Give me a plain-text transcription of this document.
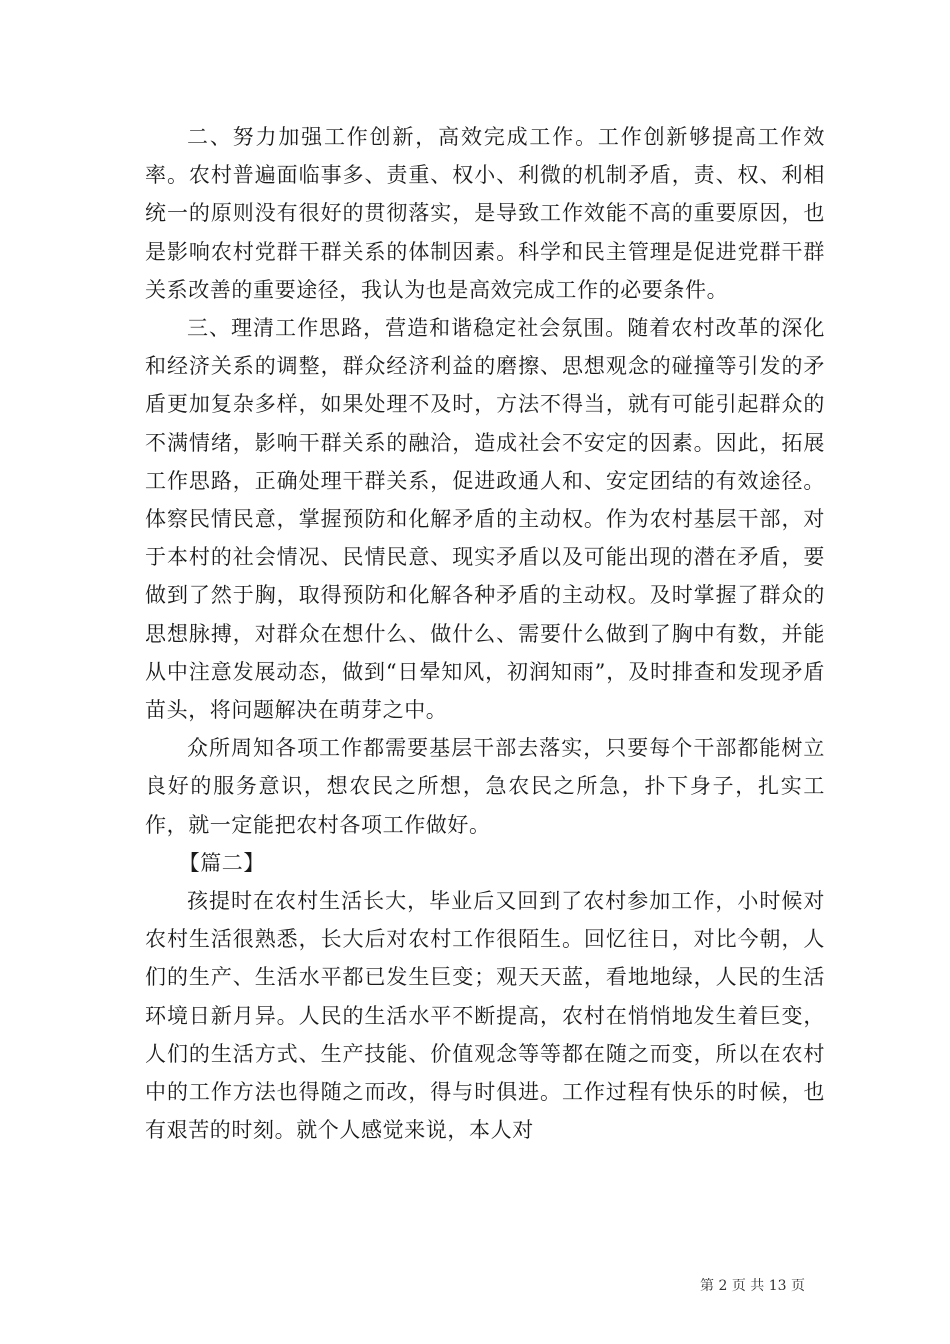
二、努力加强工作创新，高效完成工作。工作创新够提高工作效率。农村普遍面临事多、责重、权小、利微的机制矛盾，责、权、利相统一的原则没有很好的贯彻落实，是导致工作效能不高的重要原因，也是影响农村党群干群关系的体制因素。科学和民主管理是促进党群干群关系改善的重要途径，我认为也是高效完成工作的必要条件。

三、理清工作思路，营造和谐稳定社会氛围。随着农村改革的深化和经济关系的调整，群众经济利益的磨擦、思想观念的碰撞等引发的矛盾更加复杂多样，如果处理不及时，方法不得当，就有可能引起群众的不满情绪，影响干群关系的融洽，造成社会不安定的因素。因此，拓展工作思路，正确处理干群关系，促进政通人和、安定团结的有效途径。体察民情民意，掌握预防和化解矛盾的主动权。作为农村基层干部，对于本村的社会情况、民情民意、现实矛盾以及可能出现的潜在矛盾，要做到了然于胸，取得预防和化解各种矛盾的主动权。及时掌握了群众的思想脉搏，对群众在想什么、做什么、需要什么做到了胸中有数，并能从中注意发展动态，做到“日晕知风，初润知雨”，及时排查和发现矛盾苗头，将问题解决在萌芽之中。

众所周知各项工作都需要基层干部去落实，只要每个干部都能树立良好的服务意识，想农民之所想，急农民之所急，扑下身子，扎实工作，就一定能把农村各项工作做好。

【篇二】

孩提时在农村生活长大，毕业后又回到了农村参加工作，小时候对农村生活很熟悉，长大后对农村工作很陌生。回忆往日，对比今朝，人们的生产、生活水平都已发生巨变；观天天蓝，看地地绿，人民的生活环境日新月异。人民的生活水平不断提高，农村在悄悄地发生着巨变，人们的生活方式、生产技能、价值观念等等都在随之而变，所以在农村中的工作方法也得随之而改，得与时俱进。工作过程有快乐的时候，也有艰苦的时刻。就个人感觉来说，本人对

第 2 页 共 13 页
